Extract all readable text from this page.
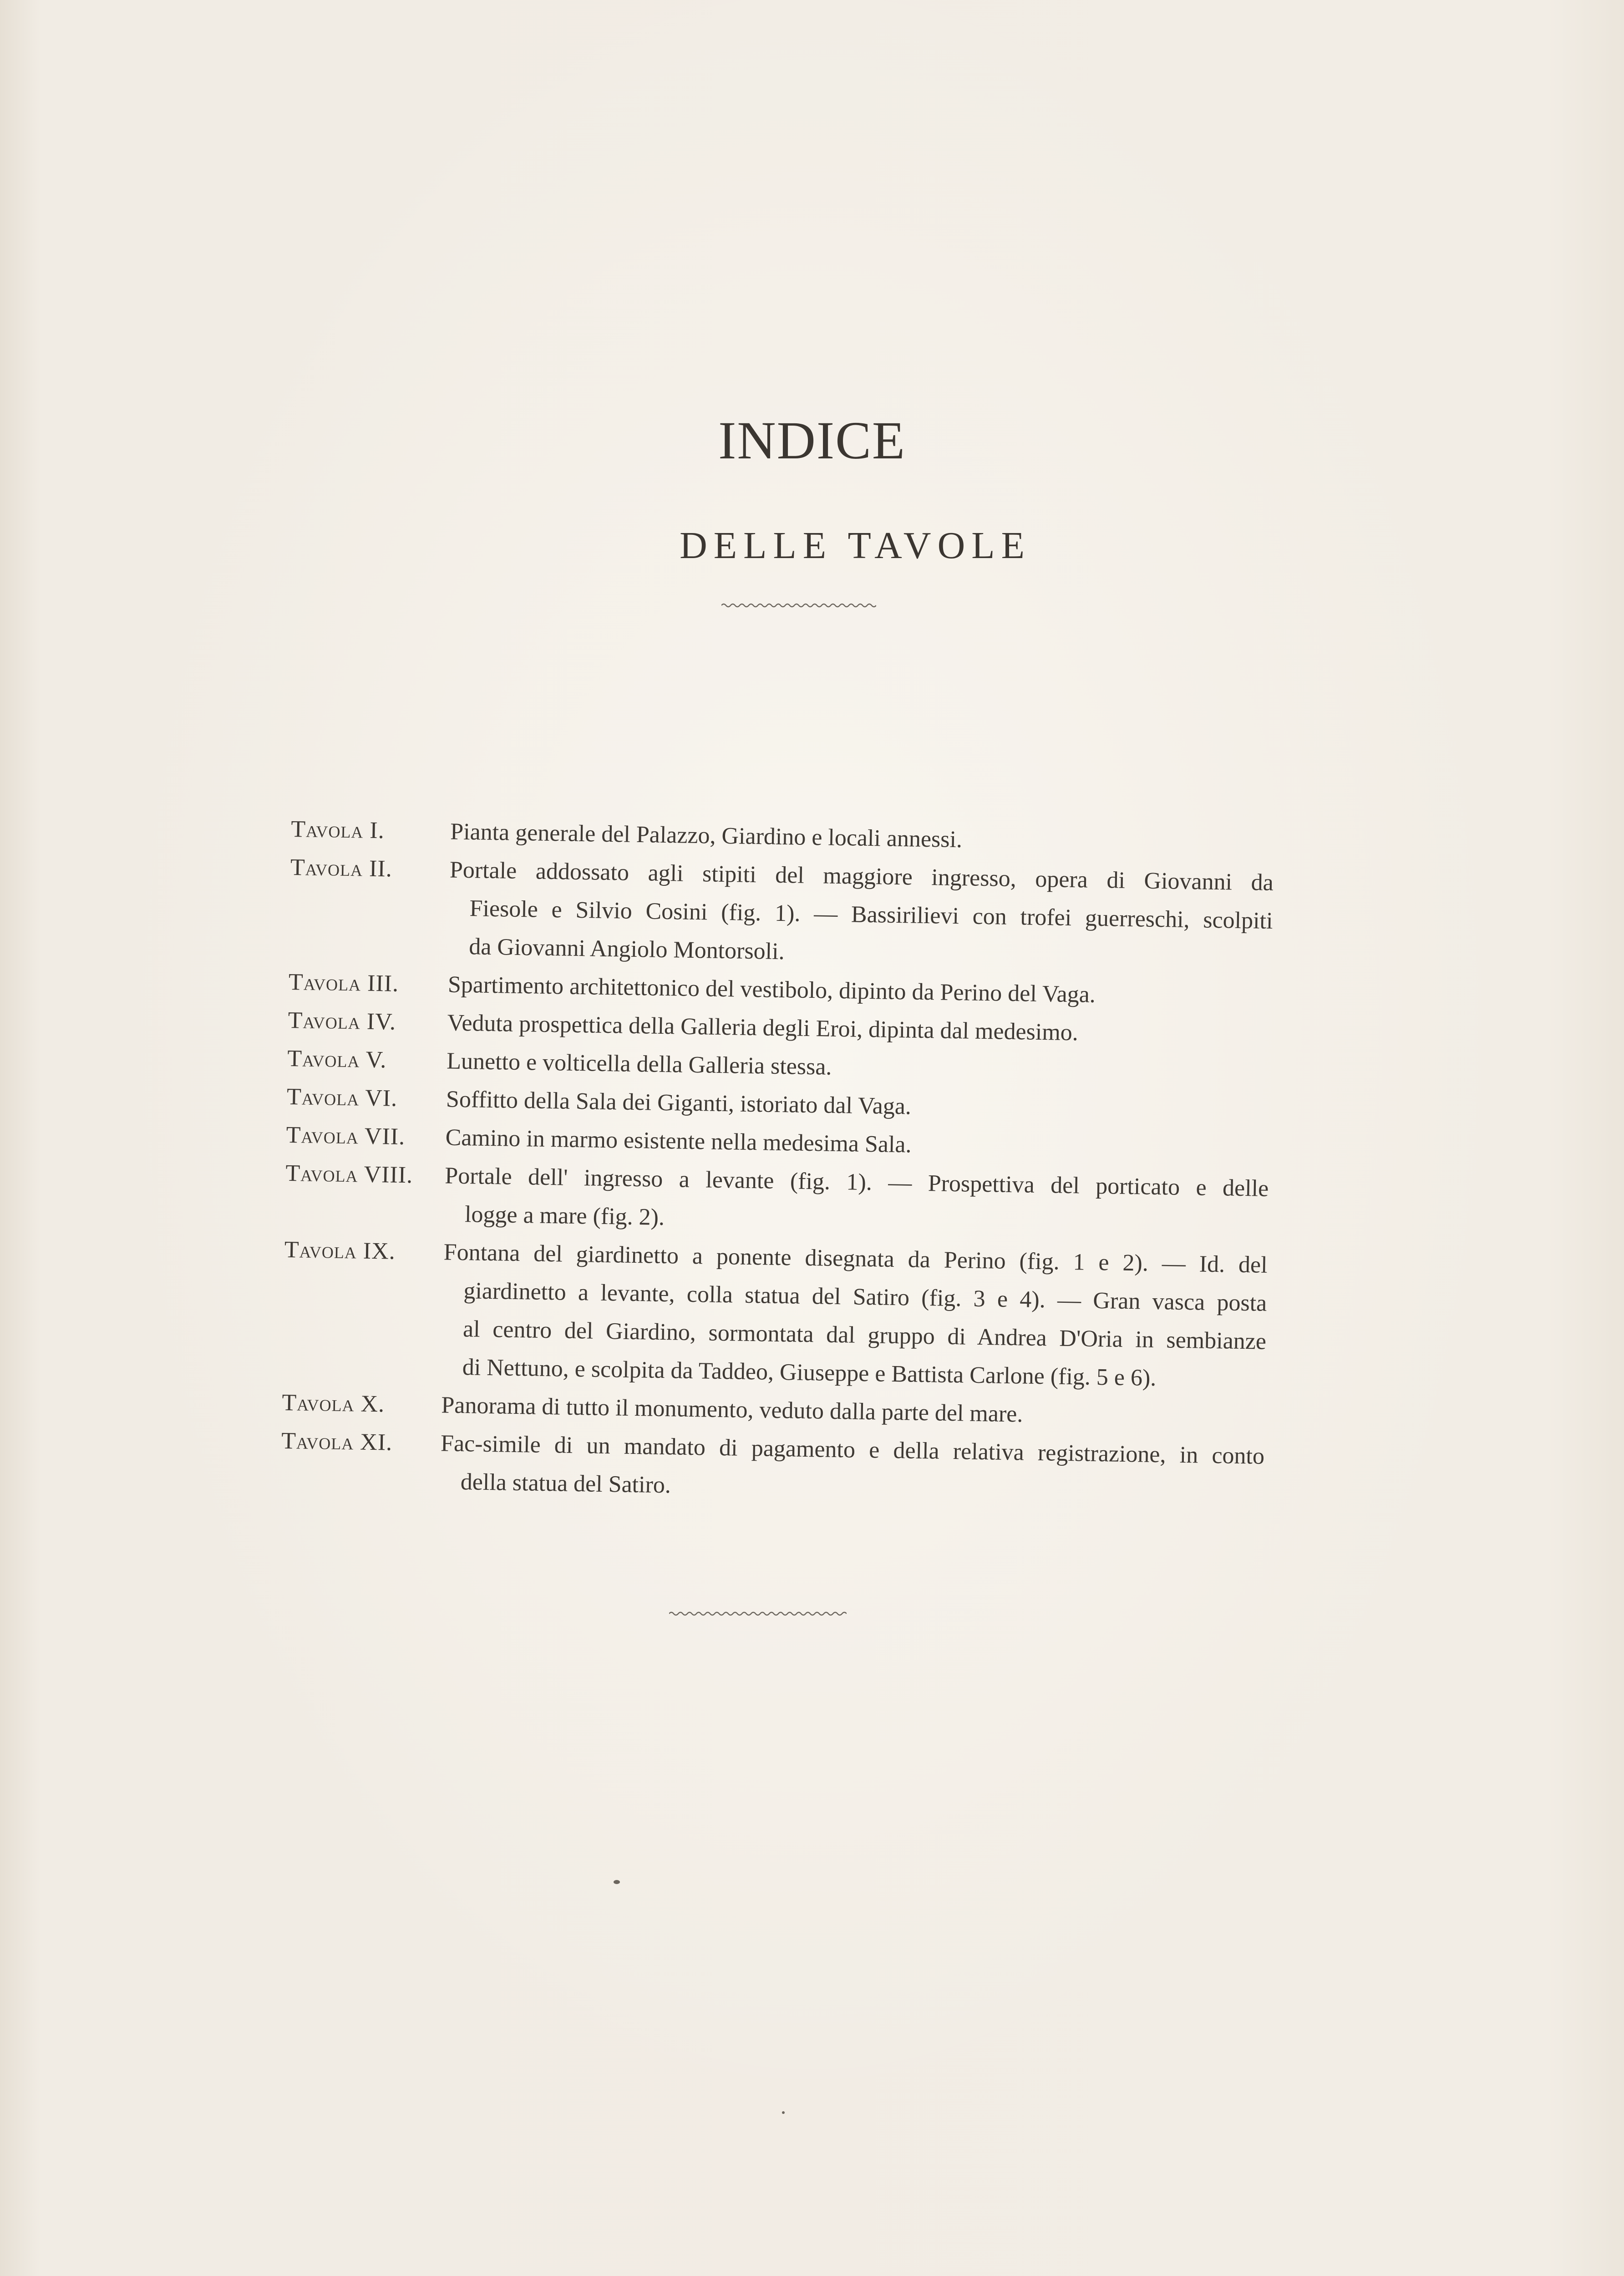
INDICE
DELLE TAVOLE
Tavola I.	Pianta generale del Palazzo, Giardino e locali annessi.
Tavola II.	Portale addossato agli stipiti del maggiore ingresso, opera di Giovanni da
Fiesole e Silvio Cosini (fig. 1). — Bassirilievi con trofei guerreschi, scolpiti
da Giovanni Angiolo Montorsoli.
Tavola III.	Spartimento architettonico del vestibolo, dipinto da Perino del Vaga.
Tavola IV.	Veduta prospettica della Galleria degli Eroi, dipinta dal medesimo.
Tavola V.	Lunetto e volticella della Galleria stessa.
Tavola VI.	Soffitto della Sala dei Giganti, istoriato dal Vaga.
Tavola VII.	Camino in marmo esistente nella medesima Sala.
Tavola VIII.	Portale dell' ingresso a levante (fig. 1). — Prospettiva del porticato e delle
logge a mare (fig. 2).
Tavola IX.	Fontana del giardinetto a ponente disegnata da Perino (fig. 1 e 2). — Id. del
giardinetto a levante, colla statua del Satiro (fig. 3 e 4). — Gran vasca posta
al centro del Giardino, sormontata dal gruppo di Andrea D'Oria in sembianze
di Nettuno, e scolpita da Taddeo, Giuseppe e Battista Carlone (fig. 5 e 6).
Tavola X.	Panorama di tutto il monumento, veduto dalla parte del mare.
Tavola XI.	Fac-simile di un mandato di pagamento e della relativa registrazione, in conto
della statua del Satiro.
